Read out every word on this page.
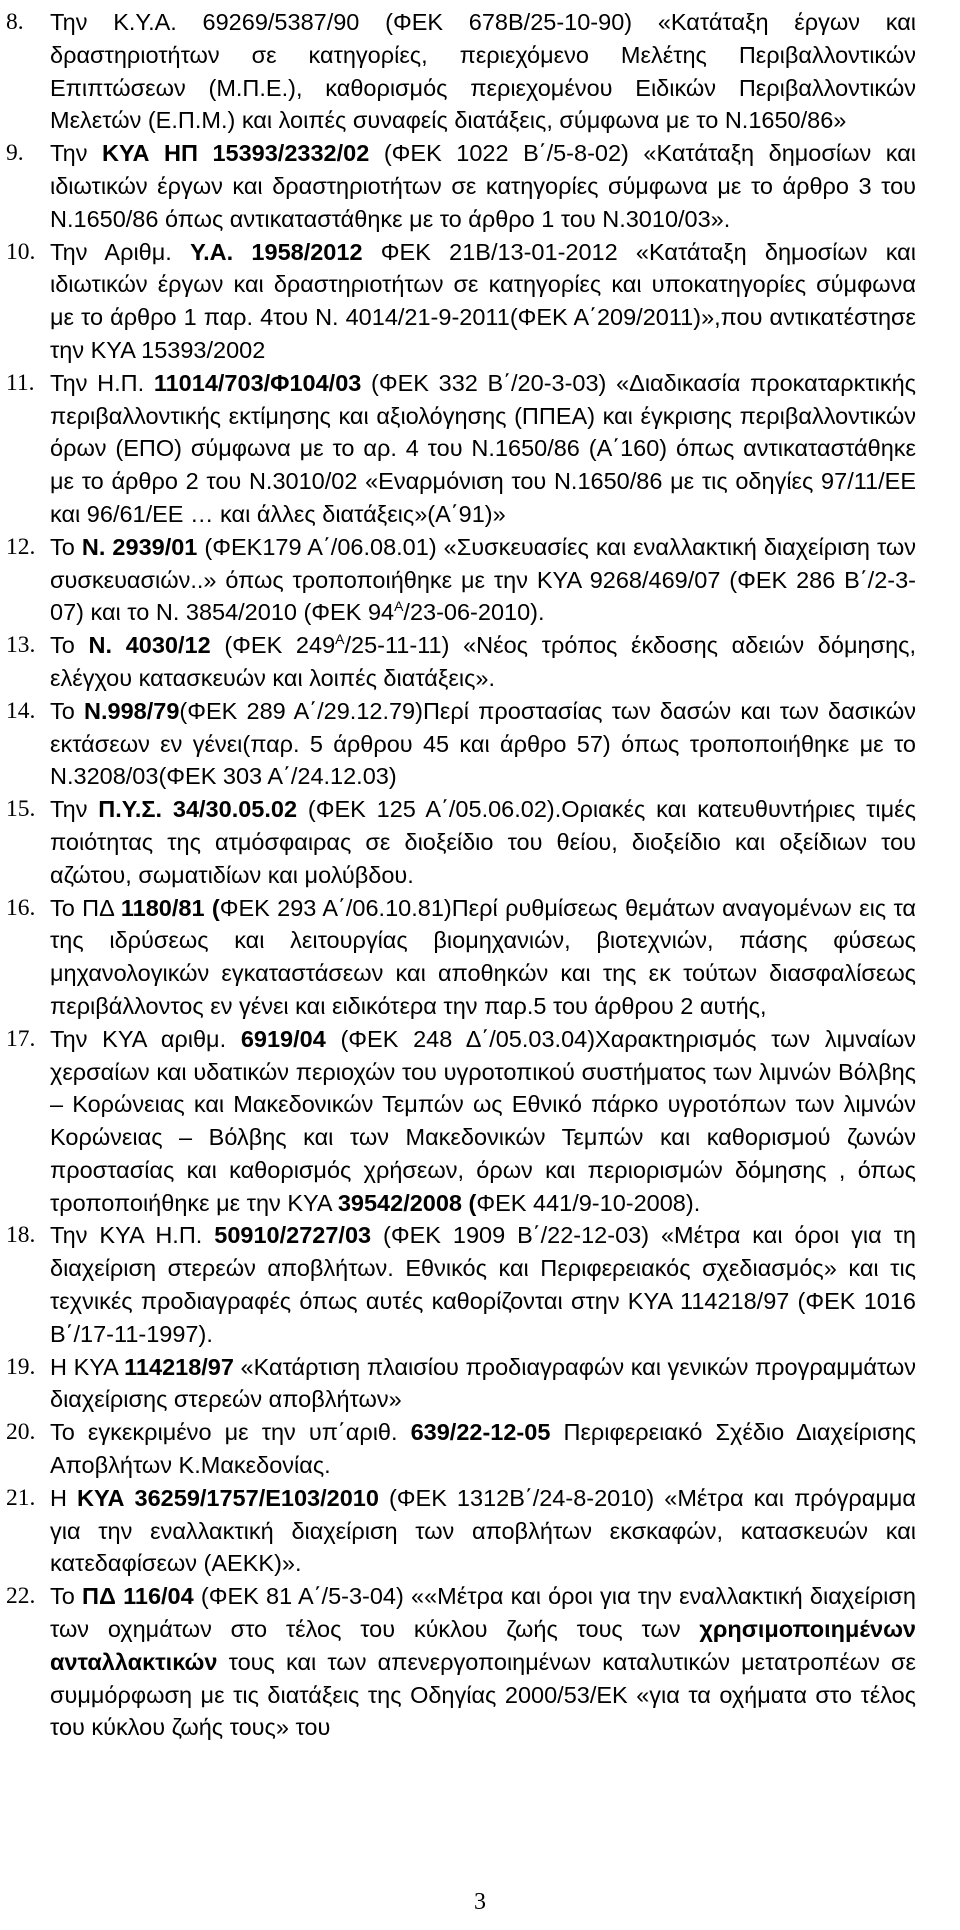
8.	Την Κ.Υ.Α. 69269/5387/90 (ΦΕΚ 678Β/25-10-90) «Κατάταξη έργων και δραστηριοτήτων σε κατηγορίες, περιεχόμενο Μελέτης Περιβαλλοντικών Επιπτώσεων (Μ.Π.Ε.), καθορισμός περιεχομένου Ειδικών Περιβαλλοντικών Μελετών (Ε.Π.Μ.) και λοιπές συναφείς διατάξεις, σύμφωνα με το Ν.1650/86»
9.	Την ΚΥΑ ΗΠ 15393/2332/02 (ΦΕΚ 1022 Β΄/5-8-02) «Κατάταξη δημοσίων και ιδιωτικών έργων και δραστηριοτήτων σε κατηγορίες σύμφωνα με το άρθρο 3 του Ν.1650/86 όπως αντικαταστάθηκε με το άρθρο 1 του Ν.3010/03».
10. Την Αριθμ. Υ.Α. 1958/2012 ΦΕΚ 21Β/13-01-2012 «Κατάταξη δημοσίων και ιδιωτικών έργων και δραστηριοτήτων σε κατηγορίες και υποκατηγορίες σύμφωνα με το άρθρο 1 παρ. 4του Ν. 4014/21-9-2011(ΦΕΚ Α΄209/2011)»,που αντικατέστησε την ΚΥΑ 15393/2002
11. Την Η.Π. 11014/703/Φ104/03 (ΦΕΚ 332 Β΄/20-3-03) «Διαδικασία προκαταρκτικής περιβαλλοντικής εκτίμησης και αξιολόγησης (ΠΠΕΑ) και έγκρισης περιβαλλοντικών όρων (ΕΠΟ) σύμφωνα με το αρ. 4 του Ν.1650/86 (Α΄160) όπως αντικαταστάθηκε με το άρθρο 2 του Ν.3010/02 «Εναρμόνιση του Ν.1650/86 με τις οδηγίες 97/11/ΕΕ και 96/61/ΕΕ … και άλλες διατάξεις»(Α΄91)»
12. Το Ν. 2939/01 (ΦΕΚ179 Α΄/06.08.01) «Συσκευασίες και εναλλακτική διαχείριση των συσκευασιών..» όπως τροποποιήθηκε με την ΚΥΑ 9268/469/07 (ΦΕΚ 286 Β΄/2-3-07) και το Ν. 3854/2010 (ΦΕΚ $94^A/23-06-2010$).
13. Το Ν. 4030/12 (ΦΕΚ $249^A/25-11-11$) «Νέος τρόπος έκδοσης αδειών δόμησης, ελέγχου κατασκευών και λοιπές διατάξεις».
14. Το Ν.998/79(ΦΕΚ 289 Α΄/29.12.79)Περί προστασίας των δασών και των δασικών εκτάσεων εν γένει(παρ. 5 άρθρου 45 και άρθρο 57) όπως τροποποιήθηκε με το Ν.3208/03(ΦΕΚ 303 Α΄/24.12.03)
15. Την Π.Υ.Σ. 34/30.05.02 (ΦΕΚ 125 Α΄/05.06.02).Οριακές και κατευθυντήριες τιμές ποιότητας της ατμόσφαιρας σε διοξείδιο του θείου, διοξείδιο και οξείδιων του αζώτου, σωματιδίων και μολύβδου.
16. Το ΠΔ 1180/81 (ΦΕΚ 293 Α΄/06.10.81)Περί ρυθμίσεως θεμάτων αναγομένων εις τα της ιδρύσεως και λειτουργίας βιομηχανιών, βιοτεχνιών, πάσης φύσεως μηχανολογικών εγκαταστάσεων και αποθηκών και της εκ τούτων διασφαλίσεως περιβάλλοντος εν γένει και ειδικότερα την παρ.5 του άρθρου 2 αυτής,
17. Την ΚΥΑ αριθμ. 6919/04 (ΦΕΚ 248 Δ΄/05.03.04)Χαρακτηρισμός των λιμναίων χερσαίων και υδατικών περιοχών του υγροτοπικού συστήματος των λιμνών Βόλβης – Κορώνειας και Μακεδονικών Τεμπών ως Εθνικό πάρκο υγροτόπων των λιμνών Κορώνειας – Βόλβης και των Μακεδονικών Τεμπών και καθορισμού ζωνών προστασίας και καθορισμός χρήσεων, όρων και περιορισμών δόμησης , όπως τροποποιήθηκε με την ΚΥΑ 39542/2008 (ΦΕΚ 441/9-10-2008).
18. Την ΚΥΑ Η.Π. 50910/2727/03 (ΦΕΚ 1909 Β΄/22-12-03) «Μέτρα και όροι για τη διαχείριση στερεών αποβλήτων. Εθνικός και Περιφερειακός σχεδιασμός» και τις τεχνικές προδιαγραφές όπως αυτές καθορίζονται στην ΚΥΑ 114218/97 (ΦΕΚ 1016 Β΄/17-11-1997).
19. Η ΚΥΑ 114218/97 «Κατάρτιση πλαισίου προδιαγραφών και γενικών προγραμμάτων διαχείρισης στερεών αποβλήτων»
20. Το εγκεκριμένο με την υπ΄αριθ. 639/22-12-05 Περιφερειακό Σχέδιο Διαχείρισης Αποβλήτων Κ.Μακεδονίας.
21. Η ΚΥΑ 36259/1757/Ε103/2010 (ΦΕΚ 1312Β΄/24-8-2010) «Μέτρα και πρόγραμμα για την εναλλακτική διαχείριση των αποβλήτων εκσκαφών, κατασκευών και κατεδαφίσεων (ΑΕΚΚ)».
22. Το ΠΔ 116/04 (ΦΕΚ 81 Α΄/5-3-04) ««Μέτρα και όροι για την εναλλακτική διαχείριση των οχημάτων στο τέλος του κύκλου ζωής τους των χρησιμοποιημένων ανταλλακτικών τους και των απενεργοποιημένων καταλυτικών μετατροπέων σε συμμόρφωση με τις διατάξεις της Οδηγίας 2000/53/ΕΚ «για τα οχήματα στο τέλος του κύκλου ζωής τους» του
3
